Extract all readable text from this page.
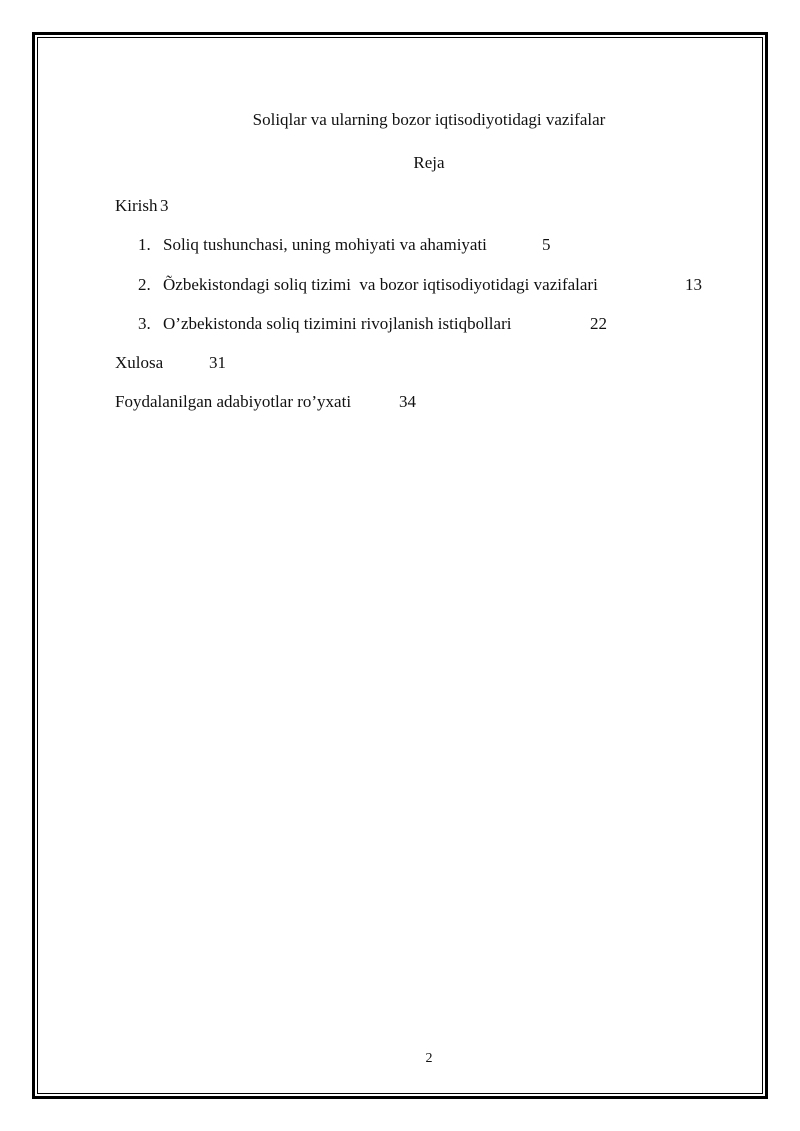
Soliqlar va ularning bozor iqtisodiyotidagi vazifalar
Reja
Kirish 3
1. Soliq tushunchasi, uning mohiyati va ahamiyati	5
2. Õzbekistondagi soliq tizimi  va bozor iqtisodiyotidagi vazifalari	13
3. O’zbekistonda soliq tizimini rivojlanish istiqbollari	22
Xulosa	31
Foydalanilgan adabiyotlar ro’yxati	34
2
